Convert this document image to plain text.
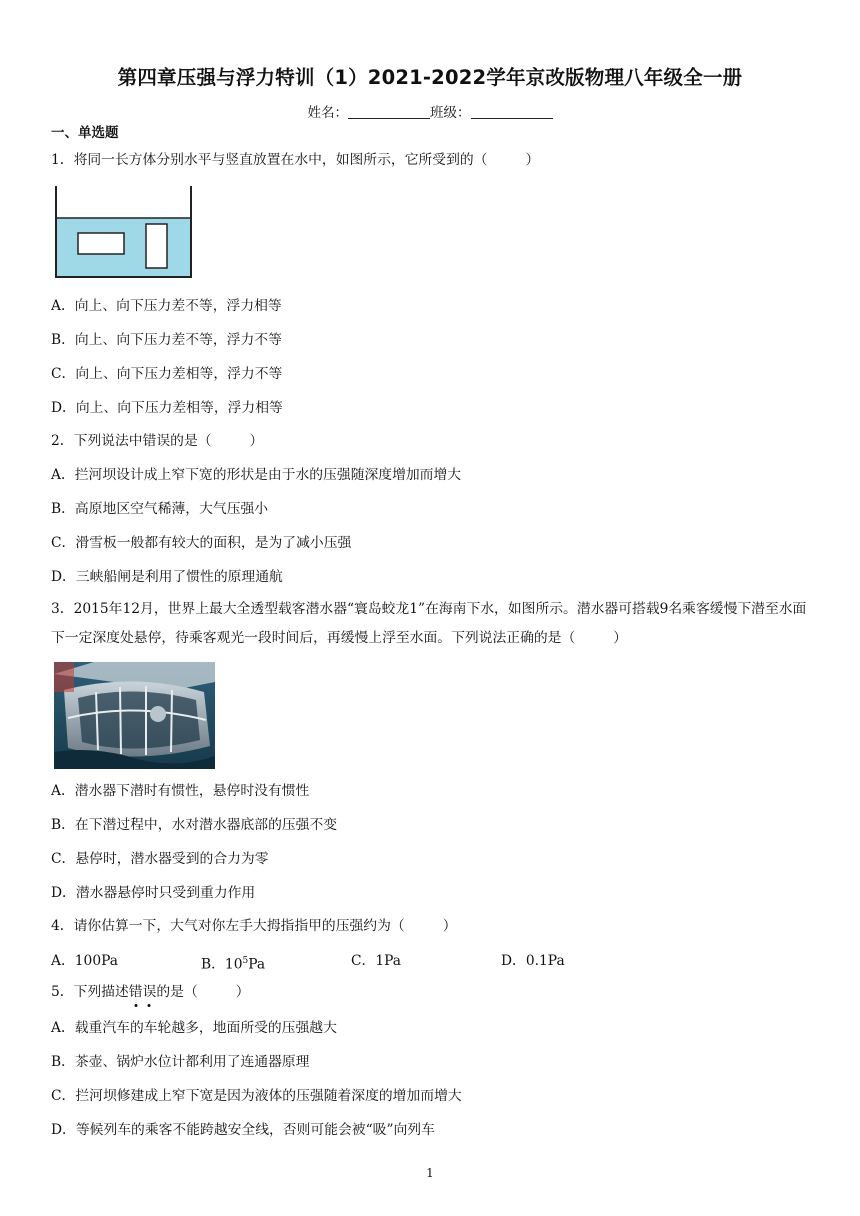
第四章压强与浮力特训（1）2021-2022学年京改版物理八年级全一册
姓名：	班级：
一、单选题
1．将同一长方体分别水平与竖直放置在水中，如图所示，它所受到的（	）
A．向上、向下压力差不等，浮力相等
B．向上、向下压力差不等，浮力不等
C．向上、向下压力差相等，浮力不等
D．向上、向下压力差相等，浮力相等
2．下列说法中错误的是（	）
A．拦河坝设计成上窄下宽的形状是由于水的压强随深度增加而增大
B．高原地区空气稀薄，大气压强小
C．滑雪板一般都有较大的面积，是为了减小压强
D．三峡船闸是利用了惯性的原理通航
3．2015年12月，世界上最大全透型载客潜水器“寰岛蛟龙1”在海南下水，如图所示。潜水器可搭载9名乘客缓慢下潜至水面下一定深度处悬停，待乘客观光一段时间后，再缓慢上浮至水面。下列说法正确的是（	）
A．潜水器下潜时有惯性，悬停时没有惯性
B．在下潜过程中，水对潜水器底部的压强不变
C．悬停时，潜水器受到的合力为零
D．潜水器悬停时只受到重力作用
4．请你估算一下，大气对你左手大拇指指甲的压强约为（	）
A．100Pa	B．$10^5Pa$	C．1Pa	D．0.1Pa
5．下列描述错误的是（	）
A．载重汽车的车轮越多，地面所受的压强越大
B．茶壶、锅炉水位计都利用了连通器原理
C．拦河坝修建成上窄下宽是因为液体的压强随着深度的增加而增大
D．等候列车的乘客不能跨越安全线，否则可能会被“吸”向列车
1
